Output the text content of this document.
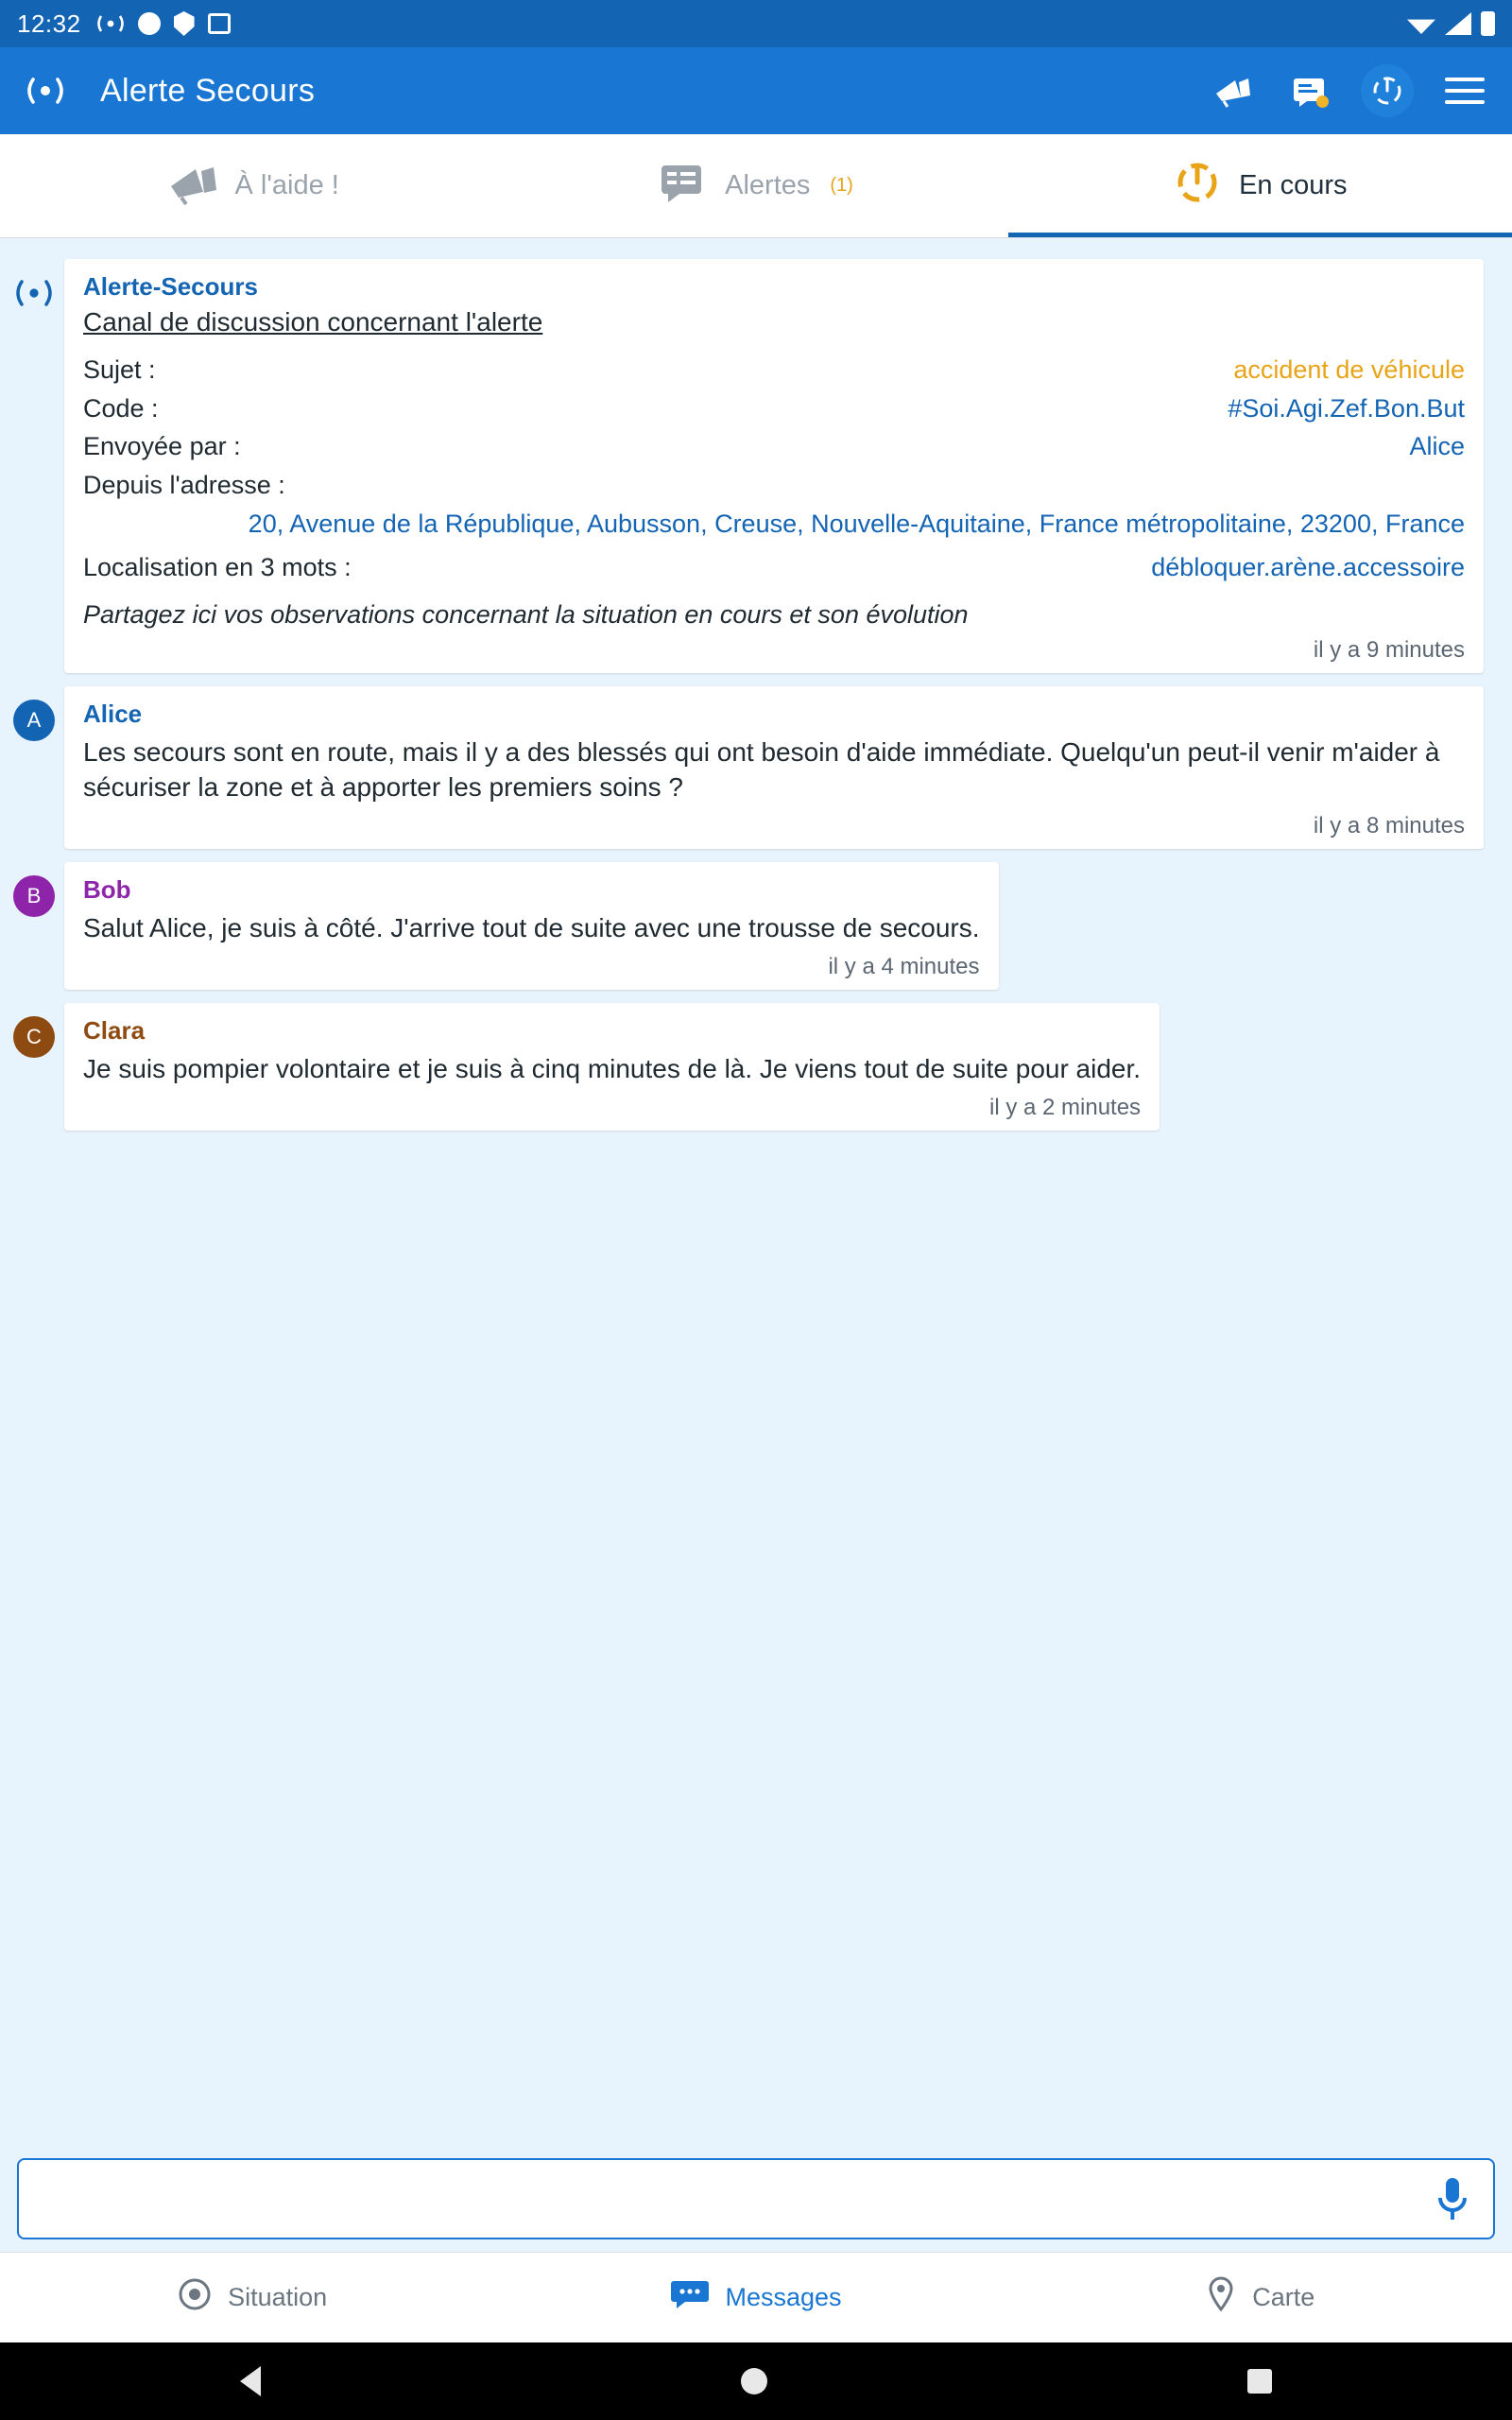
12:32
Alerte Secours
À l'aide !	Alertes (1)	En cours
Alerte-Secours
Canal de discussion concernant l'alerte
Sujet :	accident de véhicule
Code :	#Soi.Agi.Zef.Bon.But
Envoyée par :	Alice
Depuis l'adresse :
20, Avenue de la République, Aubusson, Creuse, Nouvelle-Aquitaine, France métropolitaine, 23200, France
Localisation en 3 mots :	débloquer.arène.accessoire
Partagez ici vos observations concernant la situation en cours et son évolution
il y a 9 minutes
A	Alice
Les secours sont en route, mais il y a des blessés qui ont besoin d'aide immédiate. Quelqu'un peut-il venir m'aider à sécuriser la zone et à apporter les premiers soins ?
il y a 8 minutes
B	Bob
Salut Alice, je suis à côté. J'arrive tout de suite avec une trousse de secours.
il y a 4 minutes
C	Clara
Je suis pompier volontaire et je suis à cinq minutes de là. Je viens tout de suite pour aider.
il y a 2 minutes
Situation	Messages	Carte
